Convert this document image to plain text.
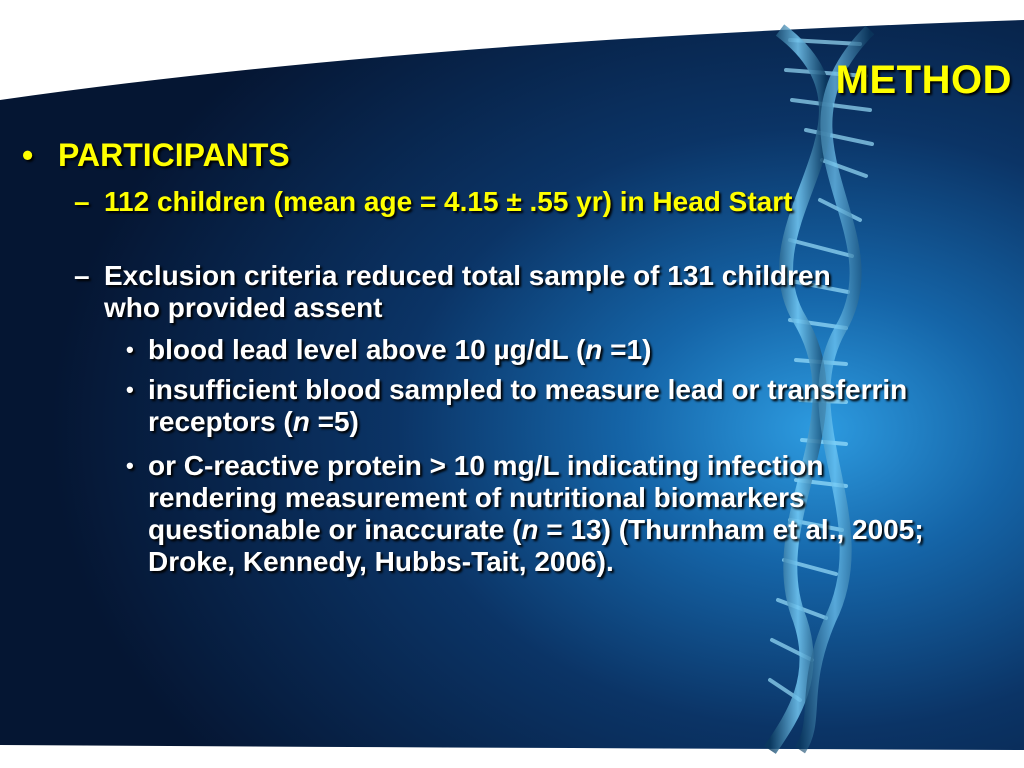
METHOD
• PARTICIPANTS
– 112 children (mean age = 4.15 ± .55 yr) in Head Start
– Exclusion criteria reduced total sample of 131 children who provided assent
• blood lead level above 10 µg/dL (n =1)
• insufficient blood sampled to measure lead or transferrin receptors (n =5)
• or C-reactive protein > 10 mg/L indicating infection rendering measurement of nutritional biomarkers questionable or inaccurate (n = 13) (Thurnham et al., 2005; Droke, Kennedy, Hubbs-Tait, 2006).
